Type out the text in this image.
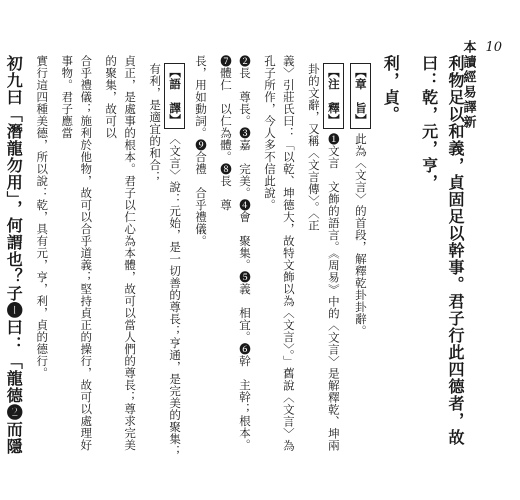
本讀經易譯新 10
利物足以和義，貞固足以幹事。君子行此四德者，故曰：乾，元，亨，
利，貞。
【章　旨】此為〈文言〉的首段，解釋乾卦卦辭。
【注　釋】❶文言　文飾的語言。《周易》中的〈文言〉是解釋乾、坤兩卦的文辭，又稱〈文言傳〉。〈正
義〉引莊氏曰：「以乾、坤德大，故特文飾以為〈文言〉。」舊說〈文言〉為孔子所作，今人多不信此說。
❷長　尊長。❸嘉　完美。❹會　聚集。❺義　相宜。❻幹　主幹；根本。❼體仁　以仁為體。❽長　尊
長，用如動詞。❾合禮　合乎禮儀。
【語　譯】〈文言〉說：元始，是一切善的尊長；亨通，是完美的聚集；有利，是適宜的和合；
貞正，是處事的根本。君子以仁心為本體，故可以當人們的尊長；尊求完美的聚集，故可以
合乎禮儀；施利於他物，故可以合乎道義；堅持貞正的操行，故可以處理好事物。君子應當
實行這四種美德，所以說：乾，具有元，亨，利，貞的德行。
初九曰「潛龍勿用」，何謂也？子❶曰：「龍德❷而隱
